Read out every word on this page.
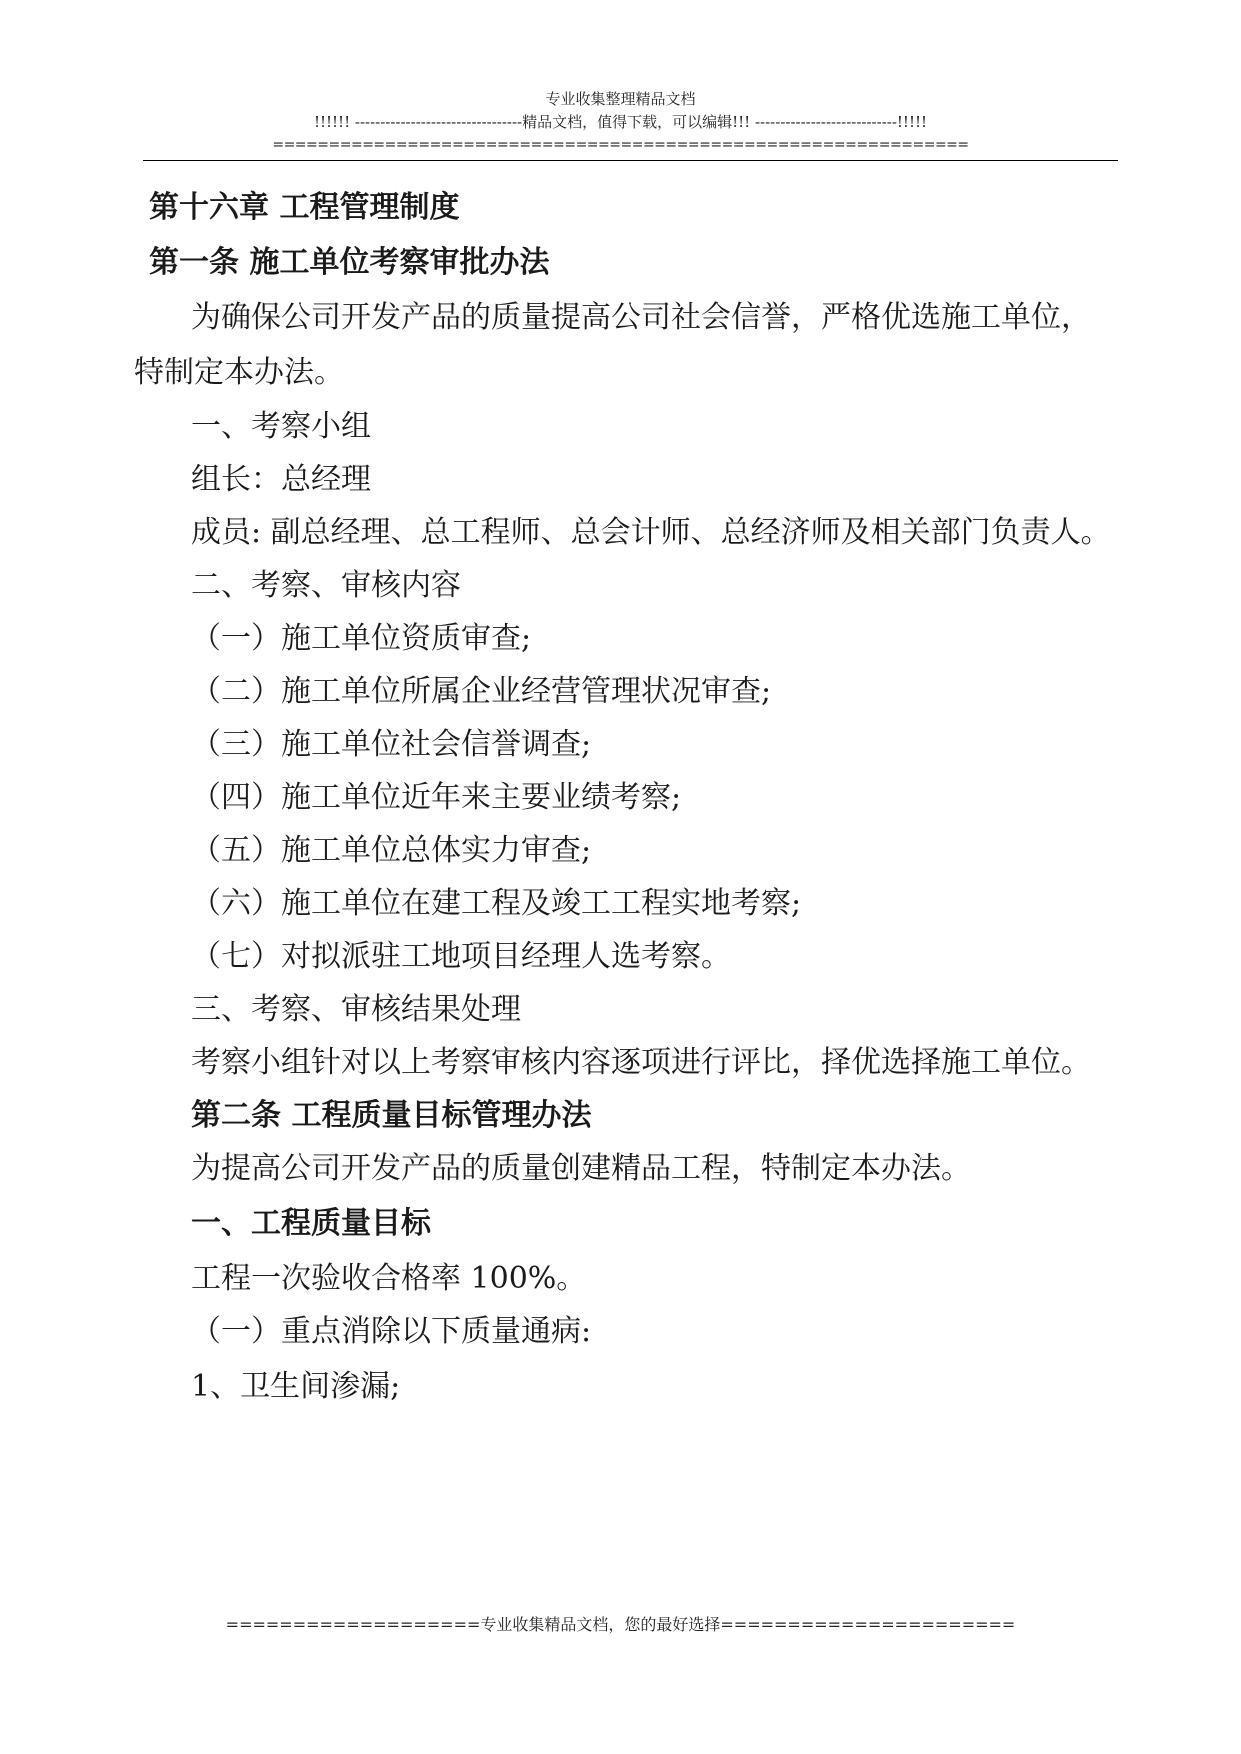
专业收集整理精品文档
!!!!!! ---------------------------------精品文档，值得下载，可以编辑!!! ----------------------------!!!!!
==============================================================
第十六章 工程管理制度
第一条 施工单位考察审批办法
为确保公司开发产品的质量提高公司社会信誉，严格优选施工单位，
特制定本办法。
一、考察小组
组长：总经理
成员: 副总经理、总工程师、总会计师、总经济师及相关部门负责人。
二、考察、审核内容
（一）施工单位资质审查;
（二）施工单位所属企业经营管理状况审查;
（三）施工单位社会信誉调查;
（四）施工单位近年来主要业绩考察;
（五）施工单位总体实力审查;
（六）施工单位在建工程及竣工工程实地考察;
（七）对拟派驻工地项目经理人选考察。
三、考察、审核结果处理
考察小组针对以上考察审核内容逐项进行评比，择优选择施工单位。
第二条 工程质量目标管理办法
为提高公司开发产品的质量创建精品工程，特制定本办法。
一、工程质量目标
工程一次验收合格率 100%。
（一）重点消除以下质量通病:
1、卫生间渗漏;
===================专业收集精品文档，您的最好选择======================
